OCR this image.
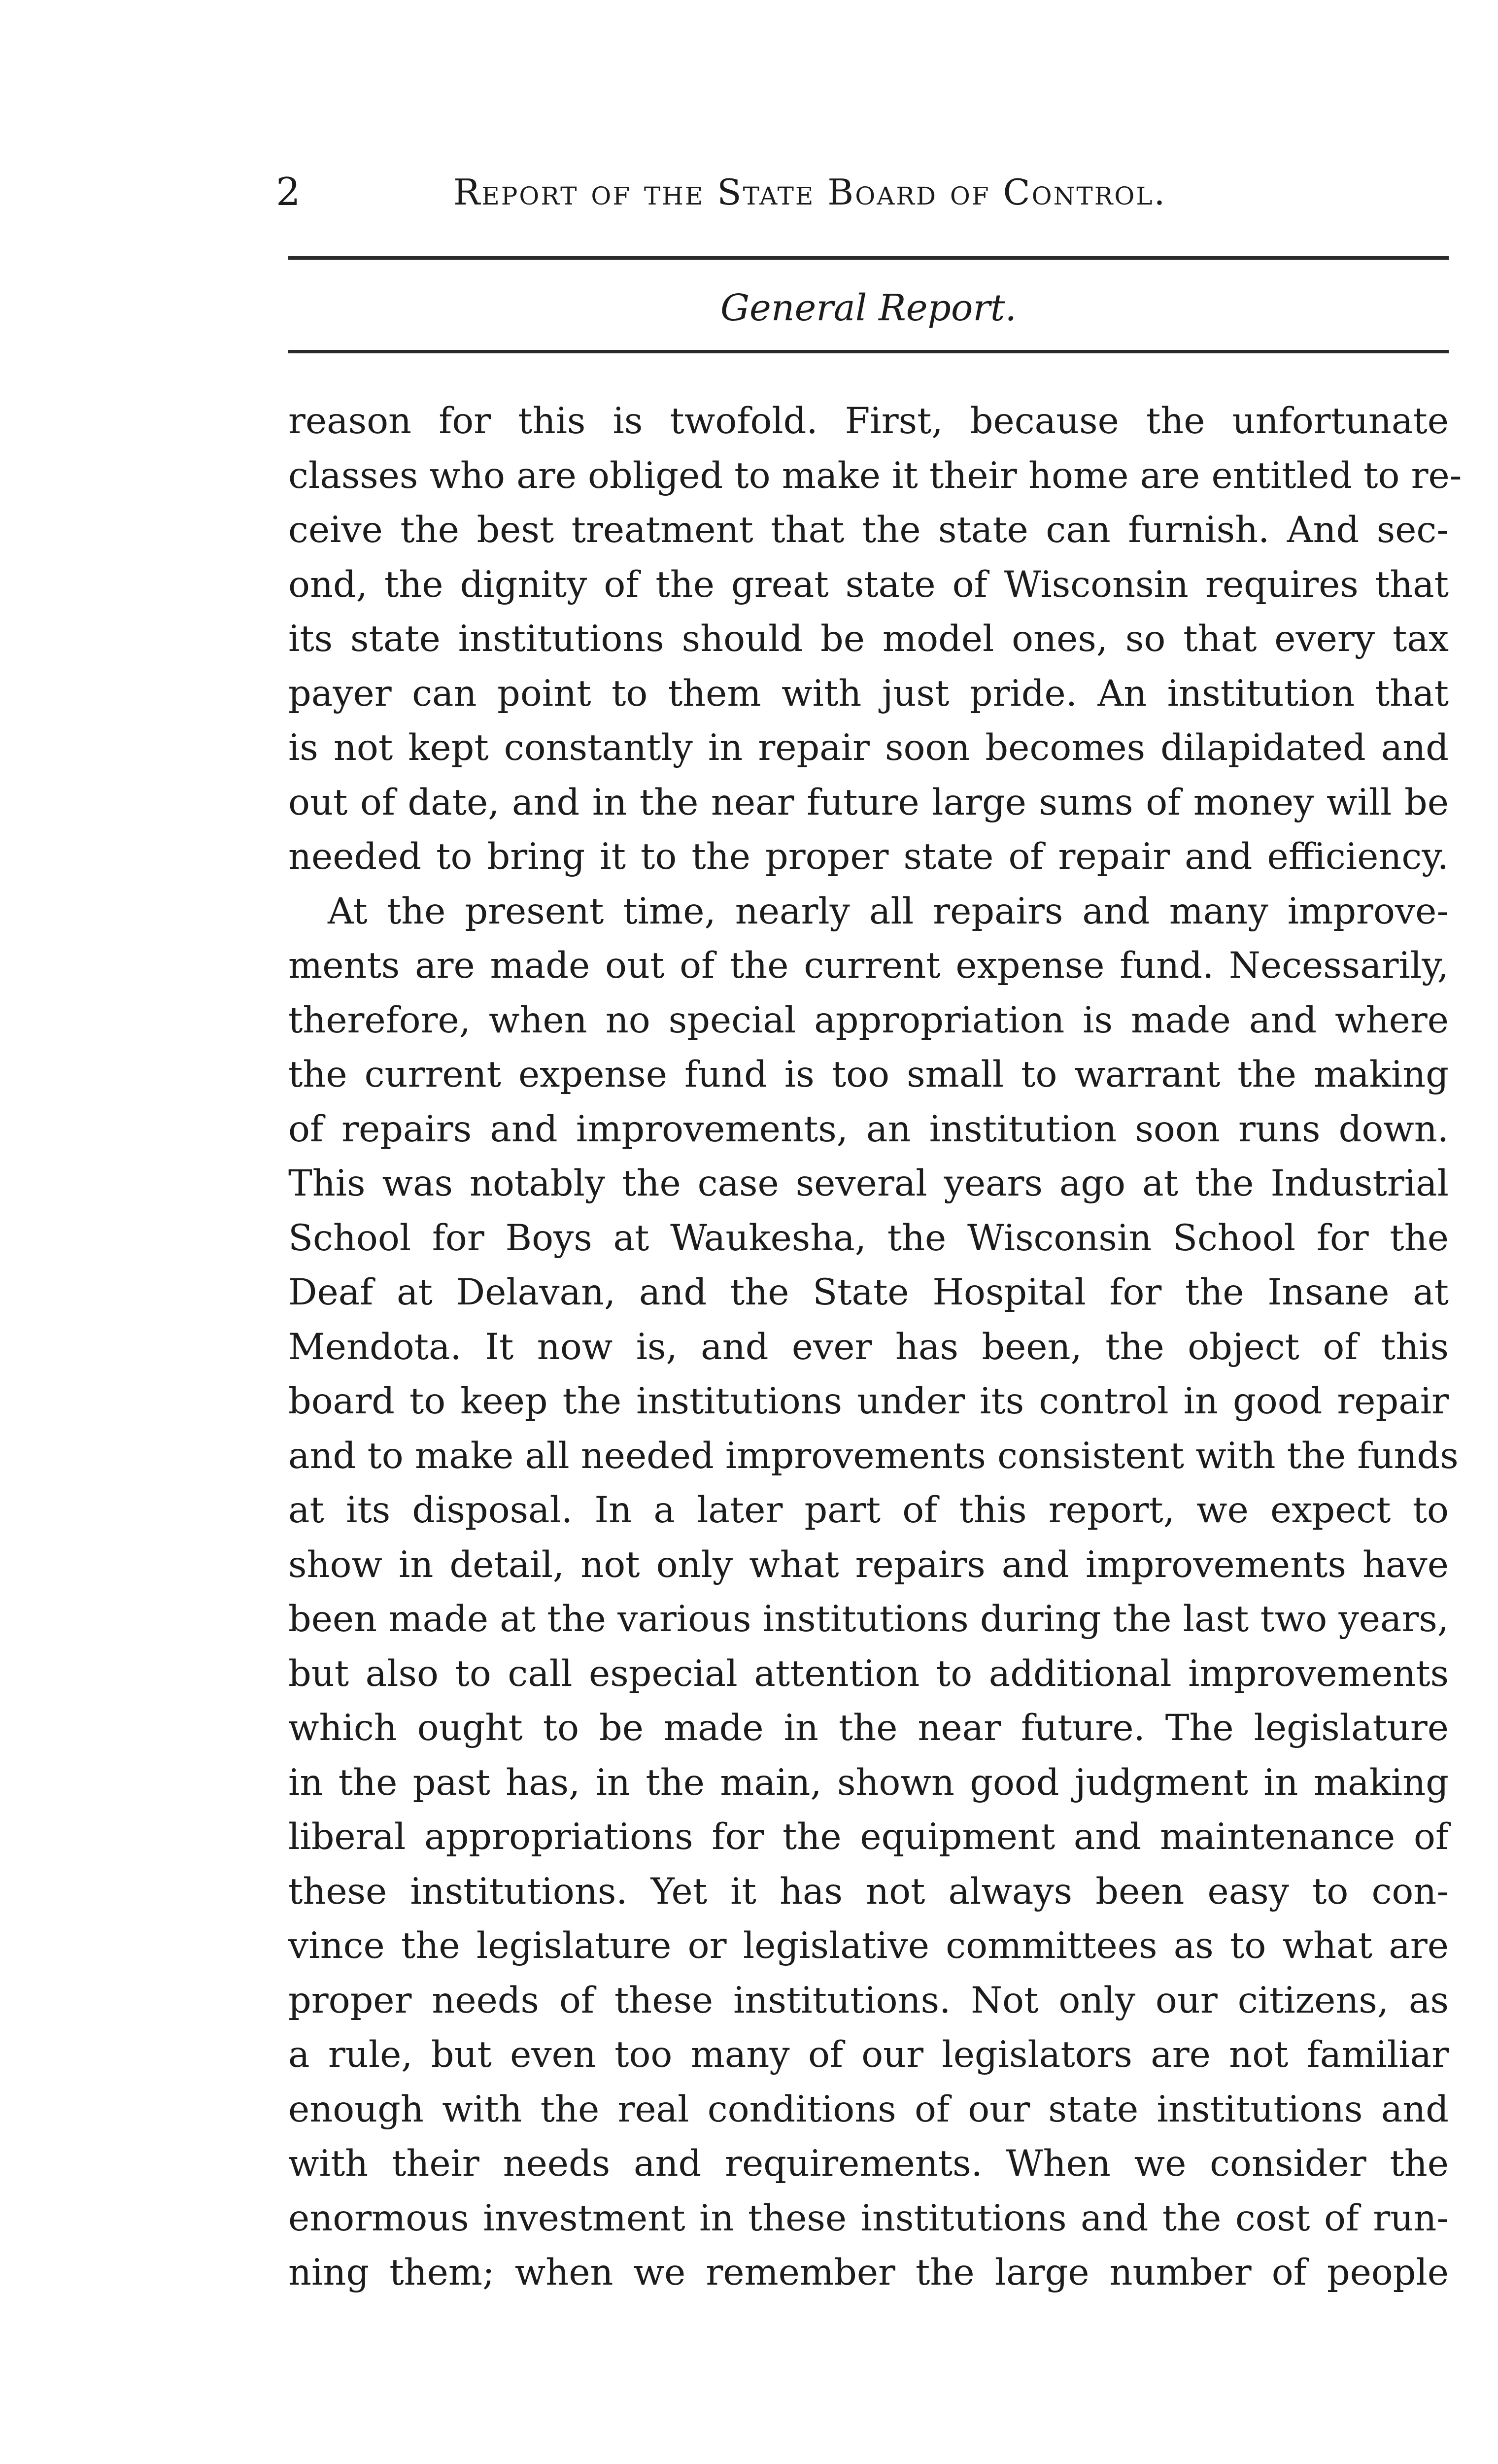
2	Report of the State Board of Control.
General Report.
reason for this is twofold. First, because the unfortunate
classes who are obliged to make it their home are entitled to re-
ceive the best treatment that the state can furnish. And sec-
ond, the dignity of the great state of Wisconsin requires that
its state institutions should be model ones, so that every tax
payer can point to them with just pride. An institution that
is not kept constantly in repair soon becomes dilapidated and
out of date, and in the near future large sums of money will be
needed to bring it to the proper state of repair and efficiency.
At the present time, nearly all repairs and many improve-
ments are made out of the current expense fund. Necessarily,
therefore, when no special appropriation is made and where
the current expense fund is too small to warrant the making
of repairs and improvements, an institution soon runs down.
This was notably the case several years ago at the Industrial
School for Boys at Waukesha, the Wisconsin School for the
Deaf at Delavan, and the State Hospital for the Insane at
Mendota. It now is, and ever has been, the object of this
board to keep the institutions under its control in good repair
and to make all needed improvements consistent with the funds
at its disposal. In a later part of this report, we expect to
show in detail, not only what repairs and improvements have
been made at the various institutions during the last two years,
but also to call especial attention to additional improvements
which ought to be made in the near future. The legislature
in the past has, in the main, shown good judgment in making
liberal appropriations for the equipment and maintenance of
these institutions. Yet it has not always been easy to con-
vince the legislature or legislative committees as to what are
proper needs of these institutions. Not only our citizens, as
a rule, but even too many of our legislators are not familiar
enough with the real conditions of our state institutions and
with their needs and requirements. When we consider the
enormous investment in these institutions and the cost of run-
ning them; when we remember the large number of people
